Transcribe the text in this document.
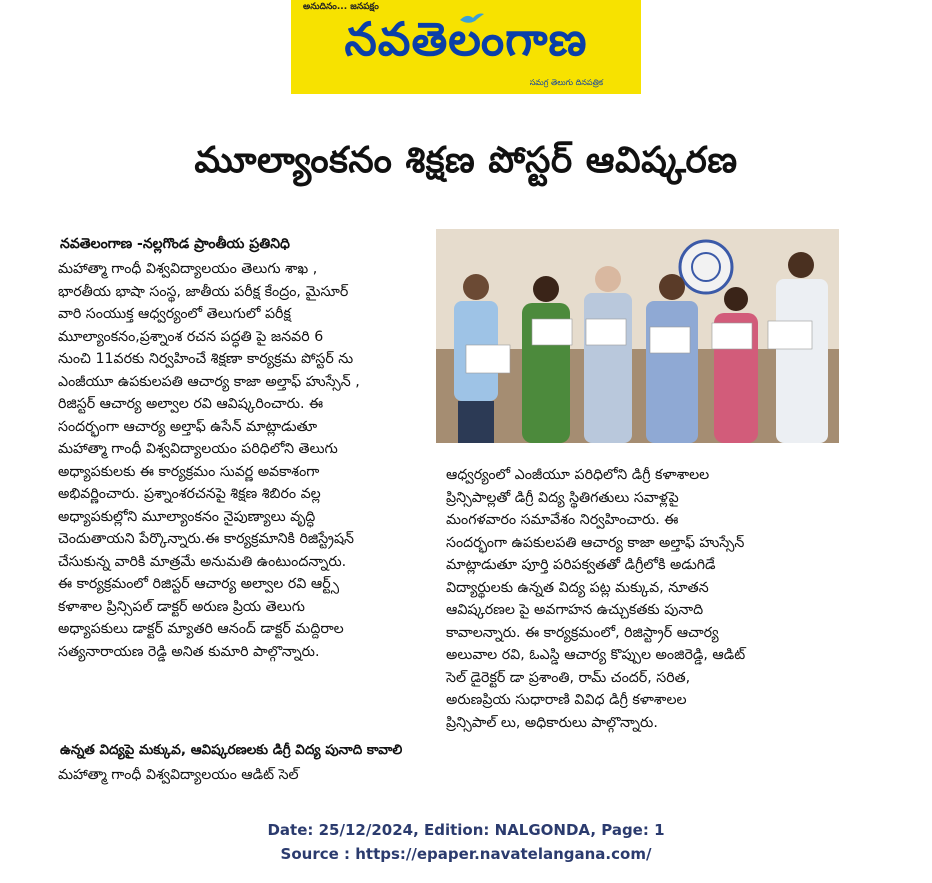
అనుదినం... జనపక్షం
నవతెలంగాణ
సమగ్ర తెలుగు దినపత్రిక
మూల్యాంకనం శిక్షణ పోస్టర్ ఆవిష్కరణ
నవతెలంగాణ -నల్లగొండ ప్రాంతీయ ప్రతినిధి
మహాత్మా గాంధీ విశ్వవిద్యాలయం తెలుగు శాఖ ,
భారతీయ భాషా సంస్థ, జాతీయ పరీక్ష కేంద్రం, మైసూర్
వారి సంయుక్త ఆధ్వర్యంలో తెలుగులో పరీక్ష
మూల్యాంకనం,ప్రశ్నాంశ రచన పద్ధతి పై జనవరి 6
నుంచి 11వరకు నిర్వహించే శిక్షణా కార్యక్రమ పోస్టర్ ను
ఎంజీయూ ఉపకులపతి ఆచార్య కాజా అల్తాఫ్ హుస్సేన్ ,
రిజిస్టర్ ఆచార్య అల్వాల రవి ఆవిష్కరించారు. ఈ
సందర్భంగా ఆచార్య అల్తాఫ్ ఉసేన్ మాట్లాడుతూ
మహాత్మా గాంధీ విశ్వవిద్యాలయం పరిధిలోని తెలుగు
అధ్యాపకులకు ఈ కార్యక్రమం సువర్ణ అవకాశంగా
అభివర్ణించారు. ప్రశ్నాంశరచనపై శిక్షణ శిబిరం వల్ల
అధ్యాపకుల్లోని మూల్యాంకనం నైపుణ్యాలు వృద్ధి
చెందుతాయని పేర్కొన్నారు.ఈ కార్యక్రమానికి రిజిస్ట్రేషన్
చేసుకున్న వారికి మాత్రమే అనుమతి ఉంటుందన్నారు.
ఈ కార్యక్రమంలో రిజిస్టర్ ఆచార్య అల్వాల రవి ఆర్ట్స్
కళాశాల ప్రిన్సిపల్ డాక్టర్ అరుణ ప్రియ తెలుగు
అధ్యాపకులు డాక్టర్ మ్యాతరి ఆనంద్ డాక్టర్ మద్దిరాల
సత్యనారాయణ రెడ్డి అనిత కుమారి పాల్గొన్నారు.
ఉన్నత విద్యపై మక్కువ, ఆవిష్కరణలకు డిగ్రీ విద్య పునాది కావాలి
మహాత్మా గాంధీ విశ్వవిద్యాలయం ఆడిట్ సెల్
ఆధ్వర్యంలో ఎంజీయూ పరిధిలోని డిగ్రీ కళాశాలల
ప్రిన్సిపాల్లతో డిగ్రీ విద్య స్థితిగతులు సవాళ్లపై
మంగళవారం సమావేశం నిర్వహించారు. ఈ
సందర్భంగా ఉపకులపతి ఆచార్య కాజా అల్తాఫ్ హుస్సేన్
మాట్లాడుతూ పూర్తి పరిపక్వతతో డిగ్రీలోకి అడుగిడే
విద్యార్థులకు ఉన్నత విద్య పట్ల మక్కువ, నూతన
ఆవిష్కరణల పై అవగాహన ఉచ్చుకతకు పునాది
కావాలన్నారు. ఈ కార్యక్రమంలో, రిజిస్ట్రార్ ఆచార్య
అలువాల రవి, ఓఎస్డి ఆచార్య కొప్పుల అంజిరెడ్డి, ఆడిట్
సెల్ డైరెక్టర్ డా ప్రశాంతి, రామ్ చందర్, సరిత,
అరుణప్రియ సుధారాణి వివిధ డిగ్రీ కళాశాలల
ప్రిన్సిపాల్ లు, అధికారులు పాల్గొన్నారు.
Date: 25/12/2024, Edition: NALGONDA, Page: 1
Source : https://epaper.navatelangana.com/
